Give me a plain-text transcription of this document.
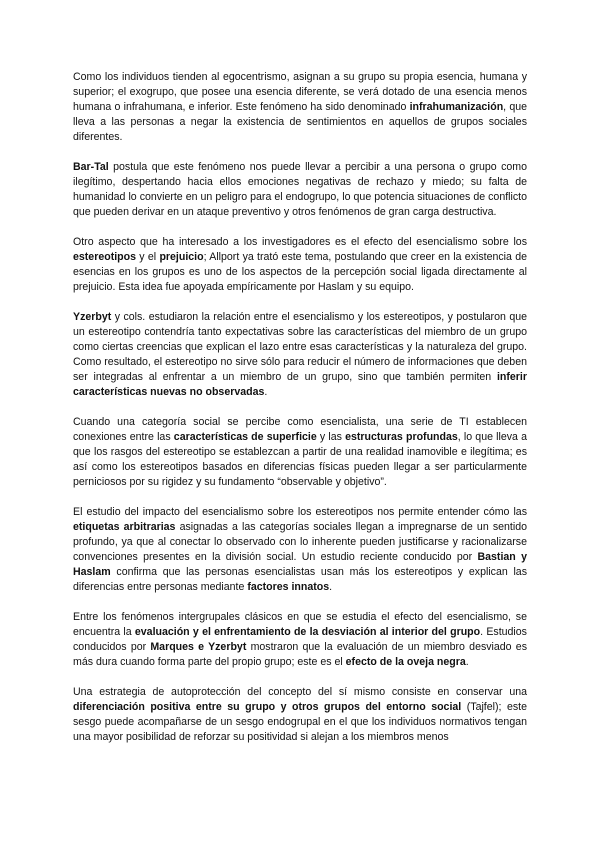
Como los individuos tienden al egocentrismo, asignan a su grupo su propia esencia, humana y superior; el exogrupo, que posee una esencia diferente, se verá dotado de una esencia menos humana o infrahumana, e inferior. Este fenómeno ha sido denominado infrahumanización, que lleva a las personas a negar la existencia de sentimientos en aquellos de grupos sociales diferentes.

Bar-Tal postula que este fenómeno nos puede llevar a percibir a una persona o grupo como ilegítimo, despertando hacia ellos emociones negativas de rechazo y miedo; su falta de humanidad lo convierte en un peligro para el endogrupo, lo que potencia situaciones de conflicto que pueden derivar en un ataque preventivo y otros fenómenos de gran carga destructiva.

Otro aspecto que ha interesado a los investigadores es el efecto del esencialismo sobre los estereotipos y el prejuicio; Allport ya trató este tema, postulando que creer en la existencia de esencias en los grupos es uno de los aspectos de la percepción social ligada directamente al prejuicio. Esta idea fue apoyada empíricamente por Haslam y su equipo.

Yzerbyt y cols. estudiaron la relación entre el esencialismo y los estereotipos, y postularon que un estereotipo contendría tanto expectativas sobre las características del miembro de un grupo como ciertas creencias que explican el lazo entre esas características y la naturaleza del grupo. Como resultado, el estereotipo no sirve sólo para reducir el número de informaciones que deben ser integradas al enfrentar a un miembro de un grupo, sino que también permiten inferir características nuevas no observadas.

Cuando una categoría social se percibe como esencialista, una serie de TI establecen conexiones entre las características de superficie y las estructuras profundas, lo que lleva a que los rasgos del estereotipo se establezcan a partir de una realidad inamovible e ilegítima; es así como los estereotipos basados en diferencias físicas pueden llegar a ser particularmente perniciosos por su rigidez y su fundamento “observable y objetivo”.

El estudio del impacto del esencialismo sobre los estereotipos nos permite entender cómo las etiquetas arbitrarias asignadas a las categorías sociales llegan a impregnarse de un sentido profundo, ya que al conectar lo observado con lo inherente pueden justificarse y racionalizarse convenciones presentes en la división social. Un estudio reciente conducido por Bastian y Haslam confirma que las personas esencialistas usan más los estereotipos y explican las diferencias entre personas mediante factores innatos.

Entre los fenómenos intergrupales clásicos en que se estudia el efecto del esencialismo, se encuentra la evaluación y el enfrentamiento de la desviación al interior del grupo. Estudios conducidos por Marques e Yzerbyt mostraron que la evaluación de un miembro desviado es más dura cuando forma parte del propio grupo; este es el efecto de la oveja negra.

Una estrategia de autoprotección del concepto del sí mismo consiste en conservar una diferenciación positiva entre su grupo y otros grupos del entorno social (Tajfel); este sesgo puede acompañarse de un sesgo endogrupal en el que los individuos normativos tengan una mayor posibilidad de reforzar su positividad si alejan a los miembros menos
